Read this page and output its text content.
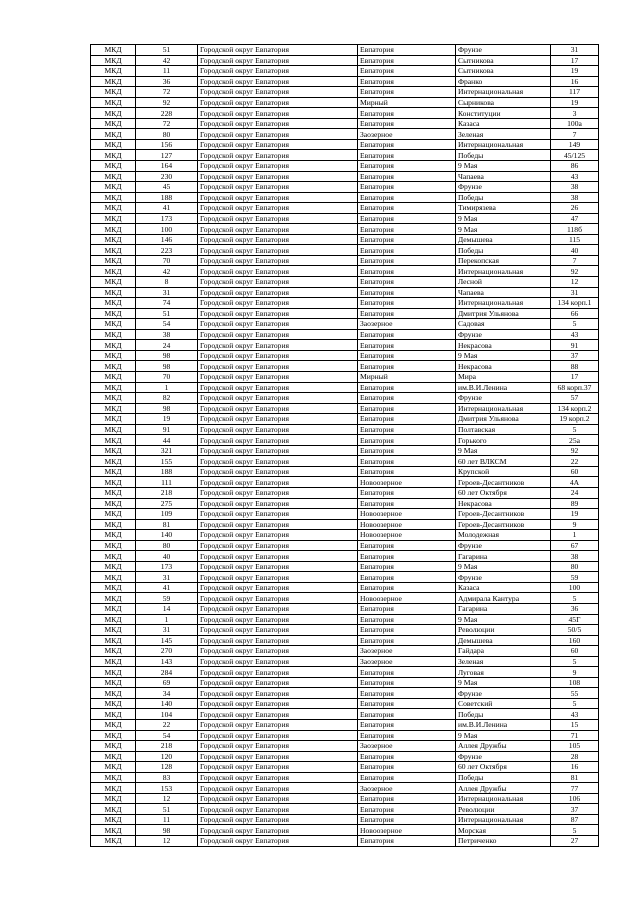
МКД	51	Городской округ Евпатория	Евпатория	Фрунзе	31
МКД	42	Городской округ Евпатория	Евпатория	Сытникова	17
МКД	11	Городской округ Евпатория	Евпатория	Сытникова	19
МКД	36	Городской округ Евпатория	Евпатория	Франко	16
МКД	72	Городской округ Евпатория	Евпатория	Интернациональная	117
МКД	92	Городской округ Евпатория	Мирный	Сырникова	19
МКД	228	Городской округ Евпатория	Евпатория	Конституции	3
МКД	72	Городской округ Евпатория	Евпатория	Казаса	100а
МКД	80	Городской округ Евпатория	Заозерное	Зеленая	7
МКД	156	Городской округ Евпатория	Евпатория	Интернациональная	149
МКД	127	Городской округ Евпатория	Евпатория	Победы	45/125
МКД	164	Городской округ Евпатория	Евпатория	9 Мая	86
МКД	230	Городской округ Евпатория	Евпатория	Чапаева	43
МКД	45	Городской округ Евпатория	Евпатория	Фрунзе	38
МКД	188	Городской округ Евпатория	Евпатория	Победы	38
МКД	41	Городской округ Евпатория	Евпатория	Тимирязева	26
МКД	173	Городской округ Евпатория	Евпатория	9 Мая	47
МКД	100	Городской округ Евпатория	Евпатория	9 Мая	118б
МКД	146	Городской округ Евпатория	Евпатория	Демышева	115
МКД	223	Городской округ Евпатория	Евпатория	Победы	40
МКД	70	Городской округ Евпатория	Евпатория	Перекопская	7
МКД	42	Городской округ Евпатория	Евпатория	Интернациональная	92
МКД	8	Городской округ Евпатория	Евпатория	Лесной	12
МКД	31	Городской округ Евпатория	Евпатория	Чапаева	31
МКД	74	Городской округ Евпатория	Евпатория	Интернациональная	134 корп.1
МКД	51	Городской округ Евпатория	Евпатория	Дмитрия Ульянова	66
МКД	54	Городской округ Евпатория	Заозерное	Садовая	5
МКД	38	Городской округ Евпатория	Евпатория	Фрунзе	43
МКД	24	Городской округ Евпатория	Евпатория	Некрасова	91
МКД	98	Городской округ Евпатория	Евпатория	9 Мая	37
МКД	98	Городской округ Евпатория	Евпатория	Некрасова	88
МКД	70	Городской округ Евпатория	Мирный	Мира	17
МКД	1	Городской округ Евпатория	Евпатория	им.В.И.Ленина	68 корп.37
МКД	82	Городской округ Евпатория	Евпатория	Фрунзе	57
МКД	98	Городской округ Евпатория	Евпатория	Интернациональная	134 корп.2
МКД	19	Городской округ Евпатория	Евпатория	Дмитрия Ульянова	19 корп.2
МКД	91	Городской округ Евпатория	Евпатория	Полтавская	5
МКД	44	Городской округ Евпатория	Евпатория	Горького	25а
МКД	321	Городской округ Евпатория	Евпатория	9 Мая	92
МКД	155	Городской округ Евпатория	Евпатория	60 лет ВЛКСМ	22
МКД	188	Городской округ Евпатория	Евпатория	Крупской	60
МКД	111	Городской округ Евпатория	Новоозерное	Героев-Десантников	4А
МКД	218	Городской округ Евпатория	Евпатория	60 лет Октября	24
МКД	275	Городской округ Евпатория	Евпатория	Некрасова	89
МКД	109	Городской округ Евпатория	Новоозерное	Героев-Десантников	19
МКД	81	Городской округ Евпатория	Новоозерное	Героев-Десантников	9
МКД	140	Городской округ Евпатория	Новоозерное	Молодежная	1
МКД	80	Городской округ Евпатория	Евпатория	Фрунзе	67
МКД	40	Городской округ Евпатория	Евпатория	Гагарина	38
МКД	173	Городской округ Евпатория	Евпатория	9 Мая	80
МКД	31	Городской округ Евпатория	Евпатория	Фрунзе	59
МКД	41	Городской округ Евпатория	Евпатория	Казаса	100
МКД	59	Городской округ Евпатория	Новоозерное	Адмирала Кантура	5
МКД	14	Городской округ Евпатория	Евпатория	Гагарина	36
МКД	1	Городской округ Евпатория	Евпатория	9 Мая	45Г
МКД	31	Городской округ Евпатория	Евпатория	Революции	50/5
МКД	145	Городской округ Евпатория	Евпатория	Демышева	160
МКД	270	Городской округ Евпатория	Заозерное	Гайдара	60
МКД	143	Городской округ Евпатория	Заозерное	Зеленая	5
МКД	284	Городской округ Евпатория	Евпатория	Луговая	9
МКД	69	Городской округ Евпатория	Евпатория	9 Мая	108
МКД	34	Городской округ Евпатория	Евпатория	Фрунзе	55
МКД	140	Городской округ Евпатория	Евпатория	Советский	5
МКД	104	Городской округ Евпатория	Евпатория	Победы	43
МКД	22	Городской округ Евпатория	Евпатория	им.В.И.Ленина	15
МКД	54	Городской округ Евпатория	Евпатория	9 Мая	71
МКД	218	Городской округ Евпатория	Заозерное	Аллея Дружбы	105
МКД	120	Городской округ Евпатория	Евпатория	Фрунзе	28
МКД	128	Городской округ Евпатория	Евпатория	60 лет Октября	16
МКД	83	Городской округ Евпатория	Евпатория	Победы	81
МКД	153	Городской округ Евпатория	Заозерное	Аллея Дружбы	77
МКД	12	Городской округ Евпатория	Евпатория	Интернациональная	106
МКД	51	Городской округ Евпатория	Евпатория	Революции	37
МКД	11	Городской округ Евпатория	Евпатория	Интернациональная	87
МКД	98	Городской округ Евпатория	Новоозерное	Морская	5
МКД	12	Городской округ Евпатория	Евпатория	Петриченко	27
